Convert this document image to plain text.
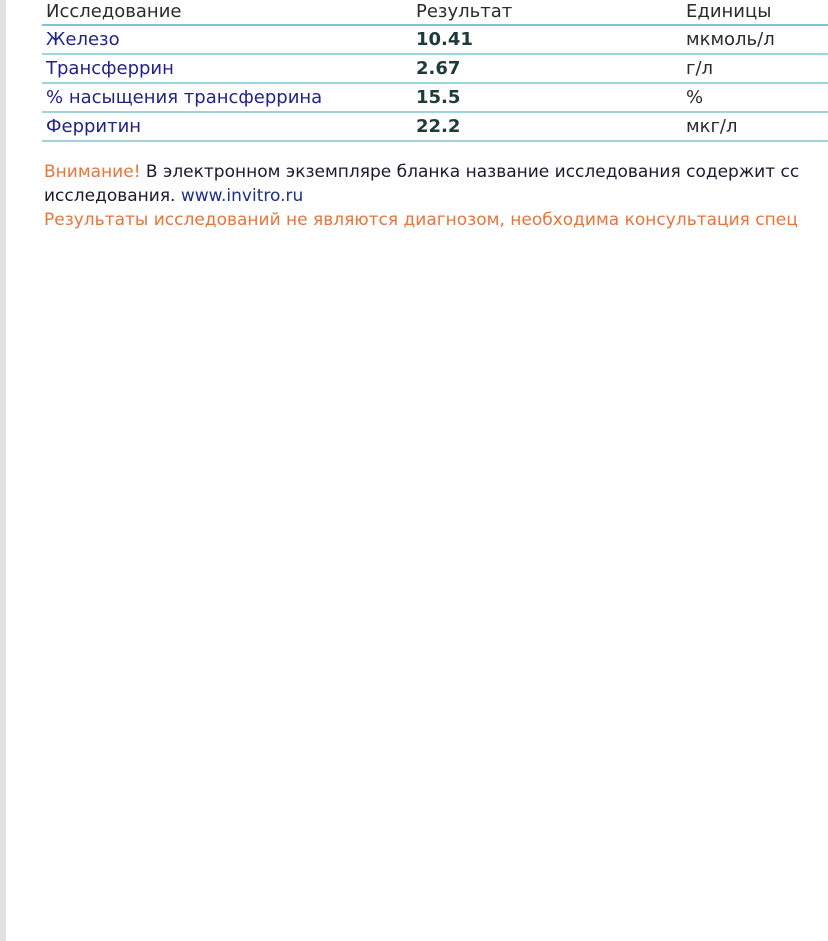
Исследование	Результат	Единицы
Железо	10.41	мкмоль/л
Трансферрин	2.67	г/л
% насыщения трансферрина	15.5	%
Ферритин	22.2	мкг/л
Внимание! В электронном экземпляре бланка название исследования содержит сс
исследования. www.invitro.ru
Результаты исследований не являются диагнозом, необходима консультация спец
